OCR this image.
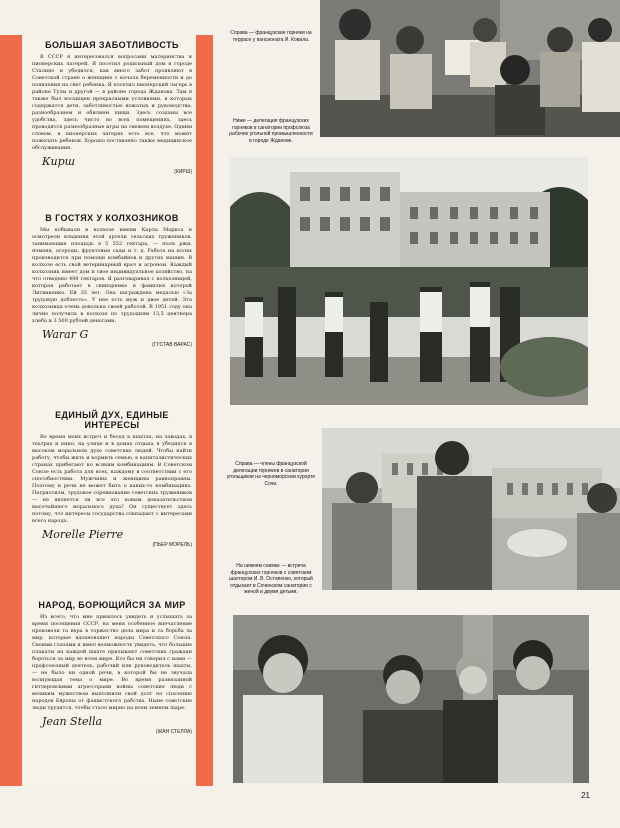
БОЛЬШАЯ ЗАБОТЛИВОСТЬ

В СССР я интересовался вопросами материнства и пионерских лагерей. Я посетил родильный дом в городе Сталино и убедился, как много забот проявляют в Советской стране о женщине с начала беременности и до появления на свет ребенка. Я посетил пионерский лагерь в районе Тулы и другой — в районе города Жданова. Там я также был восхищен прекрасными условиями, в которых содержатся дети, заботливостью вожатых и руководства, разнообразием и обилием пищи. Здесь созданы все удобства, здесь чисто во всех помещениях, здесь проводятся разнообразные игры на свежем воздухе. Одним словом, в пионерских лагерях есть все, что может пожелать ребенок. Хорошо поставлено также медицинское обслуживание.

Кирш
(КИРШ)
В ГОСТЯХ У КОЛХОЗНИКОВ

Мы побывали в колхозе имени Карла Маркса и осмотрели владения этой артели сельских тружеников, занимающие площадь в 5 552 гектара, — поля ржи, ячменя, огороды, фруктовые сады и т. д. Работа на полях производится при помощи комбайнов и других машин. В колхозе есть свой ветеринарный врач и агроном. Каждый колхозник имеет дом и свое индивидуальное хозяйство, на что отведено 400 гектаров. Я разговаривал с колхозницей, которая работает в свинарнике и фамилия которой Литвиненко. Ей 35 лет. Она награждена медалью «За трудовую доблесть». У нее есть муж и двое детей. Эта колхозница очень довольна своей работой. В 1951 году она лично получила в колхозе по трудодням 13,5 центнера хлеба и 3 500 рублей деньгами.

Warar G
(ГУСТАВ ВАРАС)
ЕДИНЫЙ ДУХ, ЕДИНЫЕ ИНТЕРЕСЫ

Во время моих встреч и бесед в шахтах, на заводах, в театрах и кино, на улице и в домах отдыха я убедился в высоком моральном духе советских людей. Чтобы найти работу, чтобы жить и кормить семью, в капиталистических странах прибегают ко всяким комбинациям. В Советском Союзе есть работа для всех, каждому в соответствии с его способностями. Мужчины и женщины равноправны. Поэтому и речи не может быть о каких-то комбинациях. Патриотизм, трудовое соревнование советских тружеников — не является ли все это новым доказательством высочайшего морального духа? Он существует здесь потому, что интересы государства совпадают с интересами всего народа.

Morelle Pierre
(ПЬЕР МОРЕЛЬ)
НАРОД, БОРЮЩИЙСЯ ЗА МИР

Из всего, что мне пришлось увидеть и услышать за время посещения СССР, на меня особенное впечатление произвели та вера в торжество дела мира и та борьба за мир, которые вдохновляют народы Советского Союза. Своими глазами я имел возможность увидеть, что большие плакаты на каждой шахте призывают советских граждан бороться за мир во всем мире. Кто бы ни говорил с нами — профсоюзный деятель, рабочий или руководитель шахты, — не было ни одной речи, в которой бы не звучала волнующая тема о мире. Во время развязанной гитлеровскими агрессорами войны советские люди с великим мужеством выполнили свой долг по спасению народов Европы от фашистского рабства. Ныне советские люди трудятся, чтобы стало мирно на всем земном шаре.

Jean Stella
(ЖАН СТЕЛЛА)
Справа — французские горняки на террасе у пансионата И. Ковала.
Ниже — делегация французских горняков в санатории профсоюза рабочих угольной промышленности в городе Жданове.
Справа — члены французской делегации горняков в санатории угольщиков на черноморском курорте Сочи.
На нижнем снимке — встреча французских горняков с советским шахтером И. В. Остапенко, который отдыхает в Сочинском санатории с женой и двумя детьми.
21
